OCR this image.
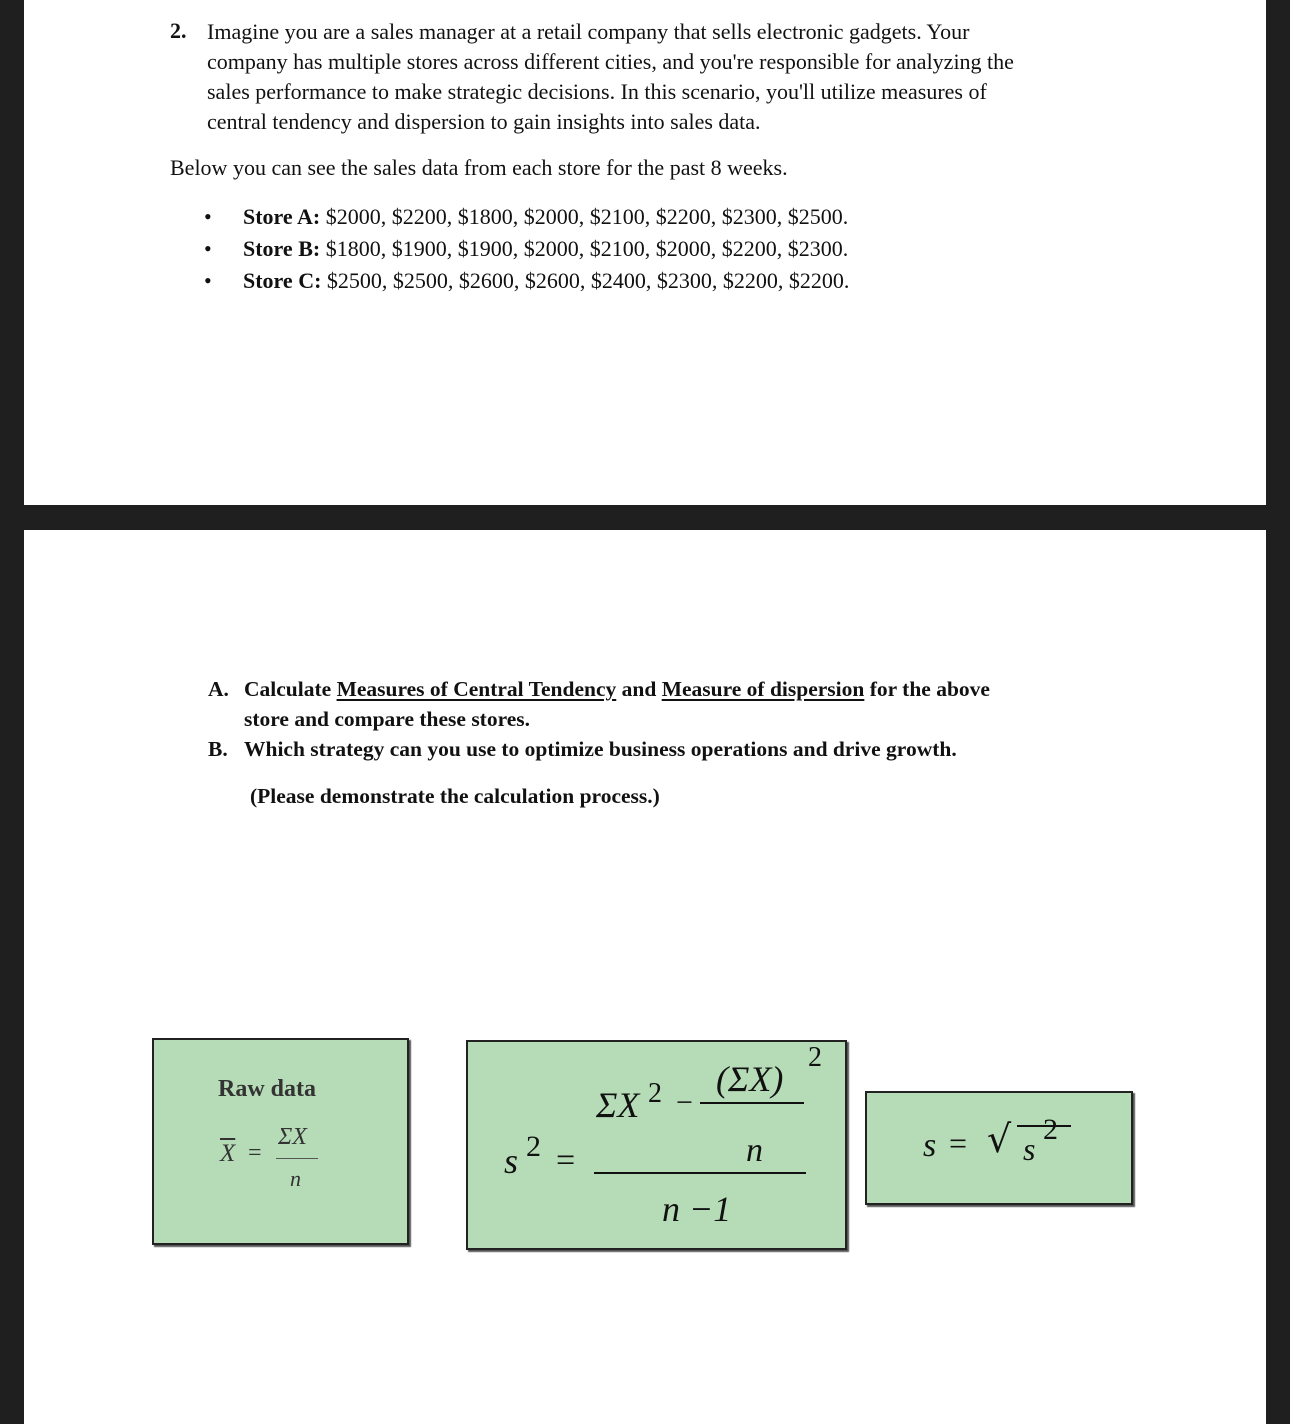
2. Imagine you are a sales manager at a retail company that sells electronic gadgets. Your
company has multiple stores across different cities, and you're responsible for analyzing the
sales performance to make strategic decisions. In this scenario, you'll utilize measures of
central tendency and dispersion to gain insights into sales data.
Below you can see the sales data from each store for the past 8 weeks.
• Store A: $2000, $2200, $1800, $2000, $2100, $2200, $2300, $2500.
• Store B: $1800, $1900, $1900, $2000, $2100, $2000, $2200, $2300.
• Store C: $2500, $2500, $2600, $2600, $2400, $2300, $2200, $2200.
A. Calculate Measures of Central Tendency and Measure of dispersion for the above
store and compare these stores.
B. Which strategy can you use to optimize business operations and drive growth.
(Please demonstrate the calculation process.)
Raw data
$\overline{X}$ =
ΣX
n	s 2 =
ΣX 2 −
(ΣX)
2
n
n −1
s = √ s
2
